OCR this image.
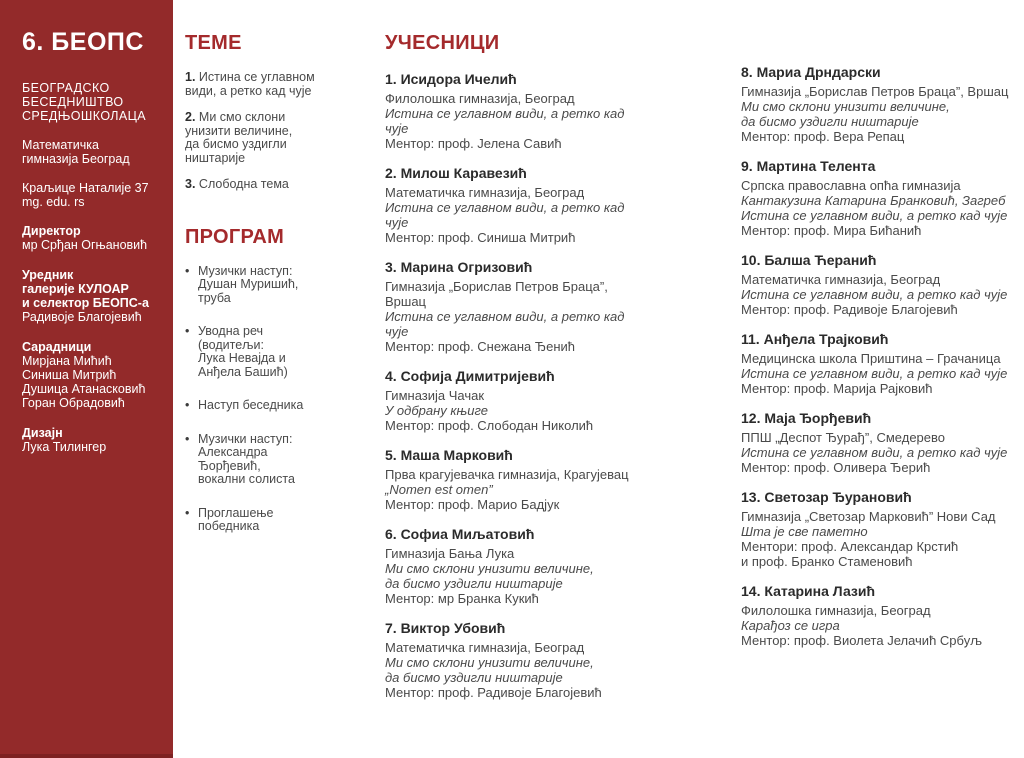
6. БЕОПС
БЕОГРАДСКО
БЕСЕДНИШТВО
СРЕДЊОШКОЛАЦА
Математичка
гимназија Београд
Краљице Наталије 37
mg. edu. rs
Директор
мр Срђан Огњановић
Уредник
галерије КУЛОАР
и селектор БЕОПС-а
Радивоје Благојевић
Сарадници
Мирјана Мићић
Синиша Митрић
Душица Атанасковић
Горан Обрадовић
Дизајн
Лука Тилингер
ТЕМЕ
1. Истина се углавном
види, а ретко кад чује
2. Ми смо склони
унизити величине,
да бисмо уздигли
ништарије
3. Слободна тема
ПРОГРАМ
• Музички наступ:
Душан Муришић,
труба
• Уводна реч
(водитељи:
Лука Невајда и
Анђела Башић)
• Наступ беседника
• Музички наступ:
Александра
Ђорђевић,
вокални солиста
• Проглашење
победника
УЧЕСНИЦИ
1. Исидора Ичелић
Филолошка гимназија, Београд
Истина се углавном види, а ретко кад чује
Ментор: проф. Јелена Савић
2. Милош Каравезић
Математичка гимназија, Београд
Истина се углавном види, а ретко кад чује
Ментор: проф. Синиша Митрић
3. Марина Огризовић
Гимназија „Борислав Петров Браца”,
Вршац
Истина се углавном види, а ретко кад чује
Ментор: проф. Снежана Ђенић
4. Софија Димитријевић
Гимназија Чачак
У одбрану књиге
Ментор: проф. Слободан Николић
5. Маша Марковић
Прва крагујевачка гимназија, Крагујевац
„Nomen est omen”
Ментор: проф. Марио Бадјук
6. Софиа Миљатовић
Гимназија Бања Лука
Ми смо склони унизити величине,
да бисмо уздигли ништарије
Ментор: мр Бранка Кукић
7. Виктор Убовић
Математичка гимназија, Београд
Ми смо склони унизити величине,
да бисмо уздигли ништарије
Ментор: проф. Радивоје Благојевић
8. Мариа Дрндарски
Гимназија „Борислав Петров Браца”, Вршац
Ми смо склони унизити величине,
да бисмо уздигли ништарије
Ментор: проф. Вера Репац
9. Мартина Телента
Српска православна опћа гимназија
Кантакузина Катарина Бранковић, Загреб
Истина се углавном види, а ретко кад чује
Ментор: проф. Мира Бићанић
10. Балша Ћеранић
Математичка гимназија, Београд
Истина се углавном види, а ретко кад чује
Ментор: проф. Радивоје Благојевић
11. Анђела Трајковић
Медицинска школа Приштина – Грачаница
Истина се углавном види, а ретко кад чује
Ментор: проф. Марија Рајковић
12. Маја Ђорђевић
ППШ „Деспот Ђурађ”, Смедерево
Истина се углавном види, а ретко кад чује
Ментор: проф. Оливера Ђерић
13. Светозар Ђурановић
Гимназија „Светозар Марковић” Нови Сад
Шта је све паметно
Ментори: проф. Александар Крстић
и проф. Бранко Стаменовић
14. Катарина Лазић
Филолошка гимназија, Београд
Карађоз се игра
Ментор: проф. Виолета Јелачић Србуљ
